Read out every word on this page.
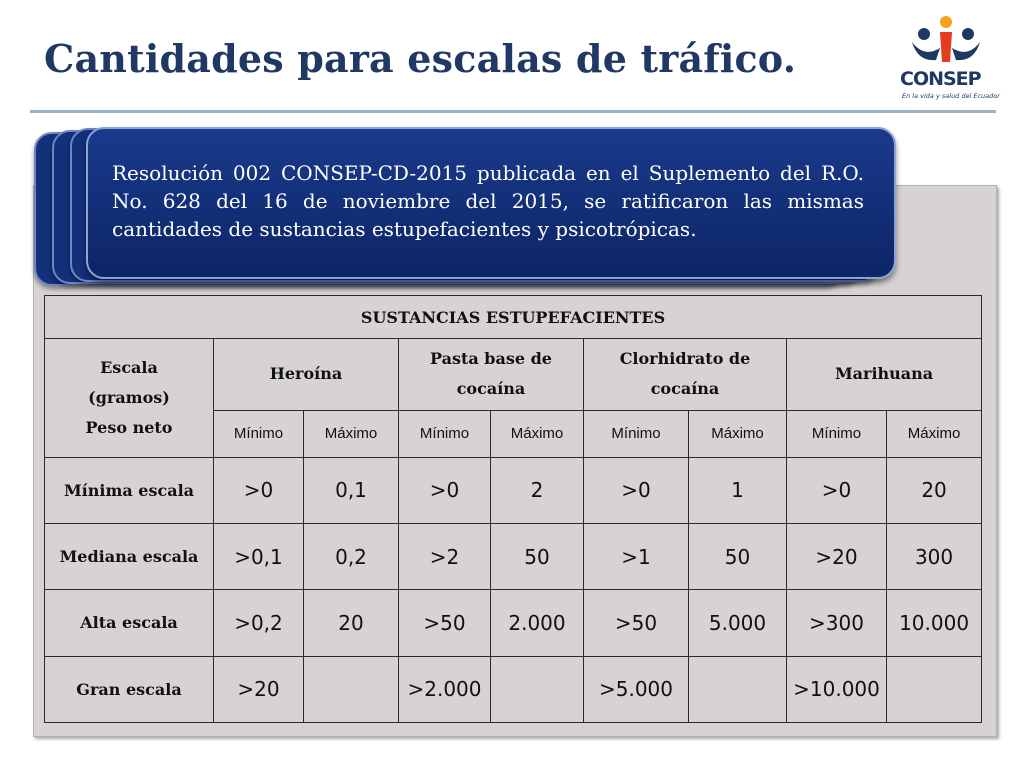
Cantidades para escalas de tráfico.	CONSEP
En la vida y salud del Ecuador
Resolución 002 CONSEP-CD-2015 publicada en el Suplemento del R.O. No. 628 del 16 de noviembre del 2015, se ratificaron las mismas cantidades de sustancias estupefacientes y psicotrópicas.
SUSTANCIAS ESTUPEFACIENTES								

Escala
(gramos)
Peso neto	Heroína		Pasta base de cocaína		Clorhidrato de cocaína		Marihuana	
	Mínimo	Máximo	Mínimo	Máximo	Mínimo	Máximo	Mínimo	Máximo
Mínima escala	>0	0,1	>0	2	>0	1	>0	20
Mediana escala	>0,1	0,2	>2	50	>1	50	>20	300
Alta escala	>0,2	20	>50	2.000	>50	5.000	>300	10.000
Gran escala	>20		>2.000		>5.000		>10.000	
